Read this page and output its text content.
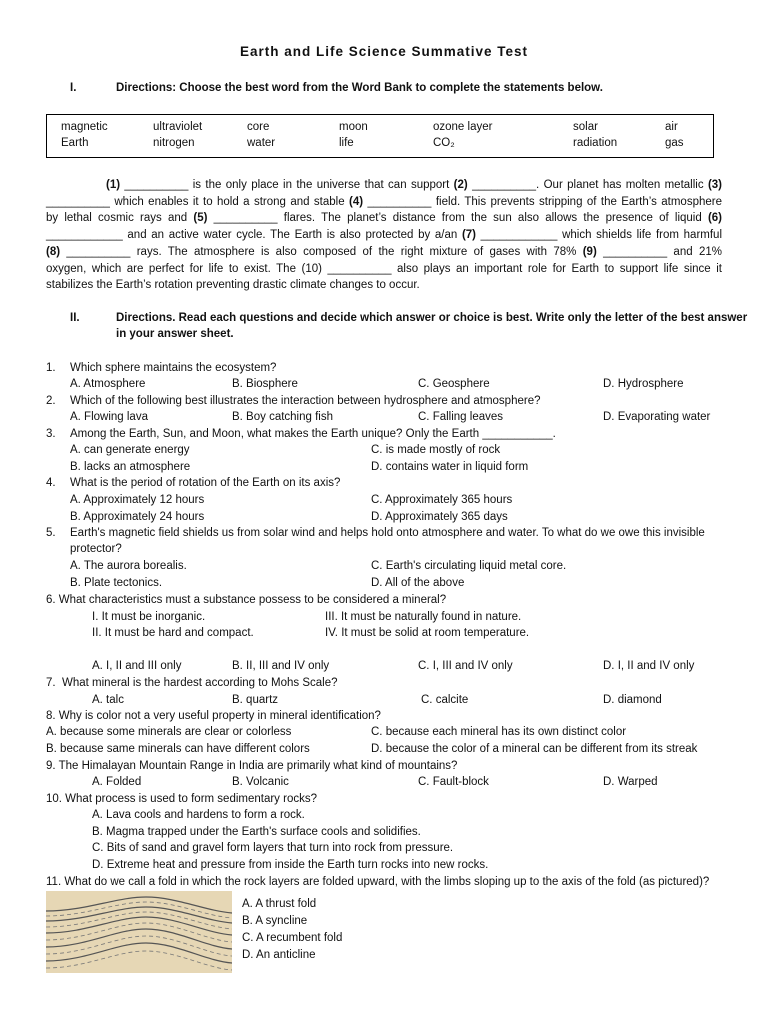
Earth and Life Science Summative Test
I.	Directions: Choose the best word from the Word Bank to complete the statements below.
magnetic	ultraviolet	core	moon	ozone layer	solar	air
Earth	nitrogen	water	life	CO₂	radiation	gas
(1) __________ is the only place in the universe that can support (2) __________. Our planet has molten metallic (3)
__________ which enables it to hold a strong and stable (4) __________ field. This prevents stripping of the Earth’s atmosphere
by lethal cosmic rays and (5) __________ flares. The planet’s distance from the sun also allows the presence of liquid (6)
____________ and an active water cycle. The Earth is also protected by a/an (7) ____________ which shields life from harmful
(8) __________ rays. The atmosphere is also composed of the right mixture of gases with 78% (9) __________ and 21%
oxygen, which are perfect for life to exist. The (10) __________ also plays an important role for Earth to support life since it
stabilizes the Earth’s rotation preventing drastic climate changes to occur.
II.	Directions. Read each questions and decide which answer or choice is best. Write only the letter of the best answer
in your answer sheet.
1. Which sphere maintains the ecosystem?
A. Atmosphere	B. Biosphere	C. Geosphere	D. Hydrosphere
2. Which of the following best illustrates the interaction between hydrosphere and atmosphere?
A. Flowing lava	B. Boy catching fish	C. Falling leaves	D. Evaporating water
3. Among the Earth, Sun, and Moon, what makes the Earth unique? Only the Earth ___________.
A. can generate energy	C. is made mostly of rock
B. lacks an atmosphere	D. contains water in liquid form
4. What is the period of rotation of the Earth on its axis?
A. Approximately 12 hours	C. Approximately 365 hours
B. Approximately 24 hours	D. Approximately 365 days
5. Earth's magnetic field shields us from solar wind and helps hold onto atmosphere and water. To what do we owe this invisible
protector?
A. The aurora borealis.	C. Earth's circulating liquid metal core.
B. Plate tectonics.	D. All of the above
6. What characteristics must a substance possess to be considered a mineral?
I. It must be inorganic.	III. It must be naturally found in nature.
II. It must be hard and compact.	IV. It must be solid at room temperature.
A. I, II and III only	B. II, III and IV only	C. I, III and IV only	D. I, II and IV only
7. What mineral is the hardest according to Mohs Scale?
A. talc	B. quartz	C. calcite	D. diamond
8. Why is color not a very useful property in mineral identification?
A. because some minerals are clear or colorless	C. because each mineral has its own distinct color
B. because same minerals can have different colors	D. because the color of a mineral can be different from its streak
9. The Himalayan Mountain Range in India are primarily what kind of mountains?
A. Folded	B. Volcanic	C. Fault-block	D. Warped
10. What process is used to form sedimentary rocks?
A. Lava cools and hardens to form a rock.
B. Magma trapped under the Earth's surface cools and solidifies.
C. Bits of sand and gravel form layers that turn into rock from pressure.
D. Extreme heat and pressure from inside the Earth turn rocks into new rocks.
11. What do we call a fold in which the rock layers are folded upward, with the limbs sloping up to the axis of the fold (as pictured)?
A. A thrust fold
B. A syncline
C. A recumbent fold
D. An anticline
